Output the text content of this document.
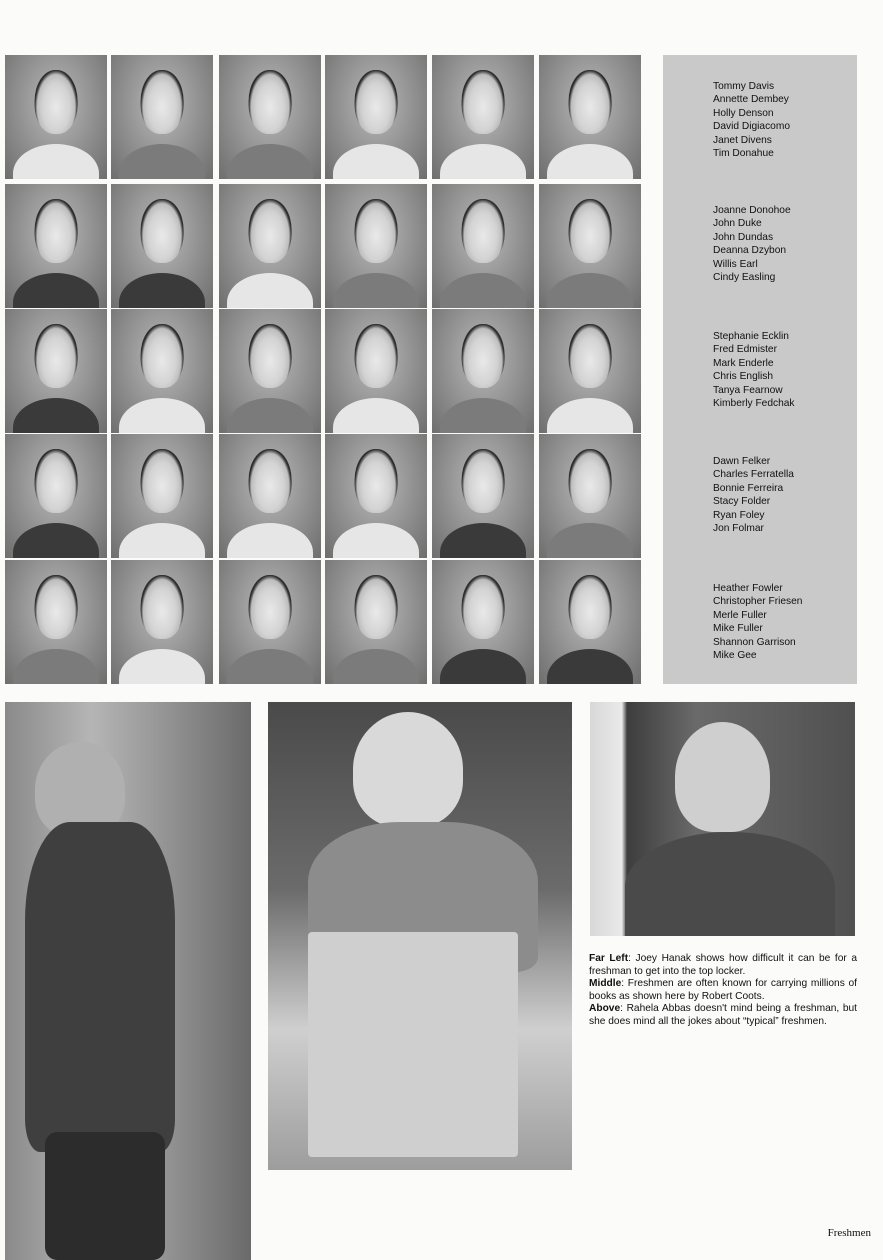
Tommy Davis
Annette Dembey
Holly Denson
David Digiacomo
Janet Divens
Tim Donahue
Joanne Donohoe
John Duke
John Dundas
Deanna Dzybon
Willis Earl
Cindy Easling
Stephanie Ecklin
Fred Edmister
Mark Enderle
Chris English
Tanya Fearnow
Kimberly Fedchak
Dawn Felker
Charles Ferratella
Bonnie Ferreira
Stacy Folder
Ryan Foley
Jon Folmar
Heather Fowler
Christopher Friesen
Merle Fuller
Mike Fuller
Shannon Garrison
Mike Gee

Far Left: Joey Hanak shows how difficult it can be for a freshman to get into the top locker.

Middle: Freshmen are often known for carrying millions of books as shown here by Robert Coots.

Above: Rahela Abbas doesn't mind being a freshman, but she does mind all the jokes about “typical” freshmen.

Freshmen
